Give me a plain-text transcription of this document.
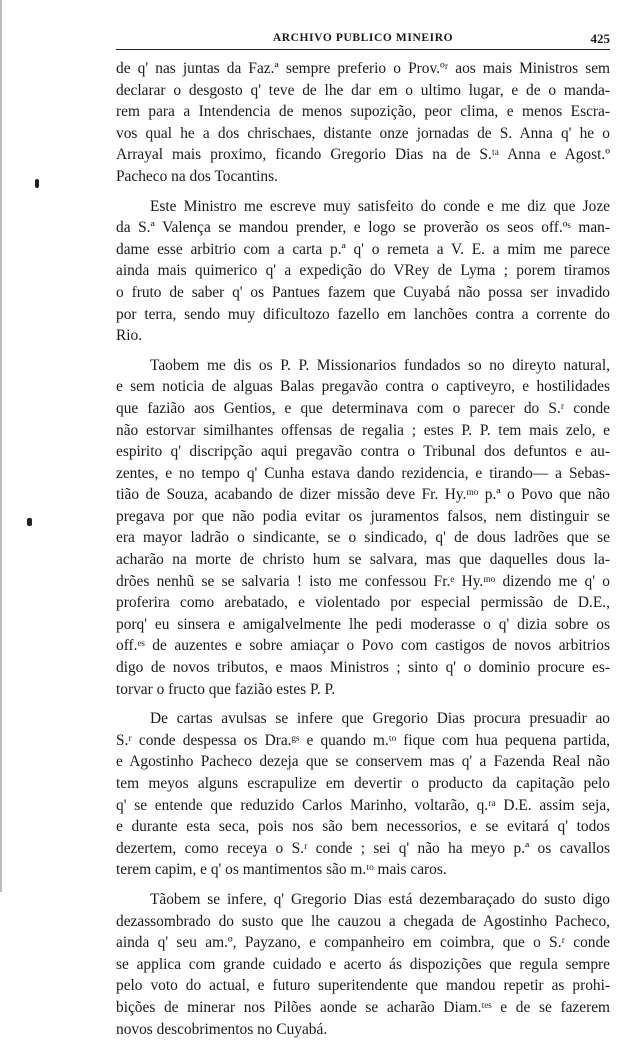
ARCHIVO PUBLICO MINEIRO	425
de q' nas juntas da Faz.ª sempre preferio o Prov.ºʳ aos mais Ministros sem
declarar o desgosto q' teve de lhe dar em o ultimo lugar, e de o manda-
rem para a Intendencia de menos supozição, peor clima, e menos Escra-
vos qual he a dos chrischaes, distante onze jornadas de S. Anna q' he o
Arrayal mais proximo, ficando Gregorio Dias na de S.ᵗᵃ Anna e Agost.º
Pacheco na dos Tocantins.
Este Ministro me escreve muy satisfeito do conde e me diz que Joze
da S.ª Valença se mandou prender, e logo se proverão os seos off.ºˢ man-
dame esse arbitrio com a carta p.ª q' o remeta a V. E. a mim me parece
ainda mais quimerico q' a expedição do VRey de Lyma ; porem tiramos
o fruto de saber q' os Pantues fazem que Cuyabá não possa ser invadido
por terra, sendo muy dificultozo fazello em lanchões contra a corrente do
Rio.
Taobem me dis os P. P. Missionarios fundados so no direyto natural,
e sem noticia de alguas Balas pregavão contra o captiveyro, e hostilidades
que fazião aos Gentios, e que determinava com o parecer do S.ʳ conde
não estorvar similhantes offensas de regalia ; estes P. P. tem mais zelo, e
espirito q' discripção aqui pregavão contra o Tribunal dos defuntos e au-
zentes, e no tempo q' Cunha estava dando rezidencia, e tirando— a Sebas-
tião de Souza, acabando de dizer missão deve Fr. Hy.ᵐᵒ p.ª o Povo que não
pregava por que não podia evitar os juramentos falsos, nem distinguir se
era mayor ladrão o sindicante, se o sindicado, q' de dous ladrões que se
acharão na morte de christo hum se salvara, mas que daquelles dous la-
drões nenhũ se se salvaria ! isto me confessou Fr.ᵉ Hy.ᵐᵒ dizendo me q' o
proferira como arebatado, e violentado por especial permissão de D.E.,
porq' eu sinsera e amigalvelmente lhe pedi moderasse o q' dizia sobre os
off.ᵉˢ de auzentes e sobre amiaçar o Povo com castigos de novos arbitrios
digo de novos tributos, e maos Ministros ; sinto q' o dominio procure es-
torvar o fructo que fazião estes P. P.
De cartas avulsas se infere que Gregorio Dias procura presuadir ao
S.ʳ conde despessa os Dra.ᵍˢ e quando m.ᵗᵒ fique com hua pequena partida,
e Agostinho Pacheco dezeja que se conservem mas q' a Fazenda Real não
tem meyos alguns escrapulize em devertir o producto da capitação pelo
q' se entende que reduzido Carlos Marinho, voltarão, q.ʳᵃ D.E. assim seja,
e durante esta seca, pois nos são bem necessorios, e se evitará q' todos
dezertem, como receya o S.ʳ conde ; sei q' não ha meyo p.ª os cavallos
terem capim, e q' os mantimentos são m.ᵗᵒ mais caros.
Tãobem se infere, q' Gregorio Dias está dezembaraçado do susto digo
dezassombrado do susto que lhe cauzou a chegada de Agostinho Pacheco,
ainda q' seu am.º, Payzano, e companheiro em coimbra, que o S.ʳ conde
se applica com grande cuidado e acerto ás dispozições que regula sempre
pelo voto do actual, e futuro superitendente que mandou repetir as prohi-
bições de minerar nos Pilões aonde se acharão Diam.ᵗᵉˢ e de se fazerem
novos descobrimentos no Cuyabá.
